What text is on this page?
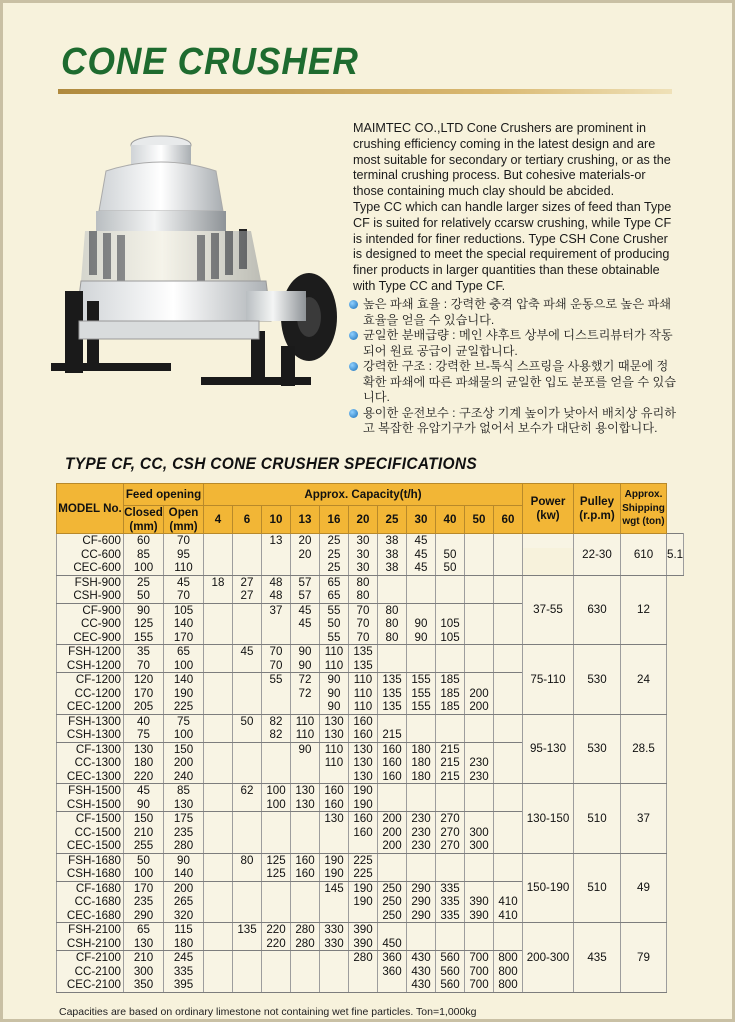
CONE CRUSHER

MAIMTEC CO.,LTD Cone Crushers are prominent in crushing efficiency coming in the latest design and are most suitable for secondary or tertiary crushing, or as the terminal crushing process. But cohesive materials-or those containing much clay should be abcided.

Type CC which can handle larger sizes of feed than Type CF is suited for relatively ccarsw crushing, while Type CF is intended for finer reductions. Type CSH Cone Crusher is designed to meet the special requirement of producing finer products in larger quantities than these obtainable with Type CC and Type CF.

높은 파쇄 효율 : 강력한 충격 압축 파쇄 운동으로 높은 파쇄 효율을 얻을 수 있습니다.
균일한 분배급량 : 메인 샤후트 상부에 디스트리뷰터가 작동되어 원료 공급이 균일합니다.
강력한 구조 : 강력한 브-툭식 스프링을 사용했기 때문에 정확한 파쇄에 따른 파쇄물의 균일한 입도 분포를 얻을 수 있습니다.
용이한 운전보수 : 구조상 기계 높이가 낮아서 배치상 유리하고 복잡한 유압기구가 없어서 보수가 대단히 용이합니다.
TYPE CF, CC, CSH CONE CRUSHER SPECIFICATIONS
MODEL No.	Feed opening		Approx. Capacity(t/h)											Power (kw)	Pulley (r.p.m)	Approx. Shipping wgt (ton)	
	Closed (mm)	Open (mm)	4	6	10	13	16	20	25	30	40	50	60				
CF-600	60	70			13	20	25	30	38	45					22-30	610	5.1
CC-600	85	95				20	25	30	38	45	50						
CEC-600	100	110					25	30	38	45	50						
FSH-900	25	45	18	27	48	57	65	80						37-55	630	12	
CSH-900	50	70		27	48	57	65	80									
CF-900	90	105			37	45	55	70	80								
CC-900	125	140				45	50	70	80	90	105						
CEC-900	155	170					55	70	80	90	105						
FSH-1200	35	65		45	70	90	110	135						75-110	530	24	
CSH-1200	70	100			70	90	110	135									
CF-1200	120	140			55	72	90	110	135	155	185						
CC-1200	170	190				72	90	110	135	155	185	200					
CEC-1200	205	225					90	110	135	155	185	200					
FSH-1300	40	75		50	82	110	130	160						95-130	530	28.5	
CSH-1300	75	100			82	110	130	160	215								
CF-1300	130	150				90	110	130	160	180	215						
CC-1300	180	200					110	130	160	180	215	230					
CEC-1300	220	240						130	160	180	215	230					
FSH-1500	45	85		62	100	130	160	190						130-150	510	37	
CSH-1500	90	130			100	130	160	190									
CF-1500	150	175					130	160	200	230	270						
CC-1500	210	235						160	200	230	270	300					
CEC-1500	255	280							200	230	270	300					
FSH-1680	50	90		80	125	160	190	225						150-190	510	49	
CSH-1680	100	140			125	160	190	225									
CF-1680	170	200					145	190	250	290	335						
CC-1680	235	265						190	250	290	335	390	410				
CEC-1680	290	320							250	290	335	390	410				
FSH-2100	65	115		135	220	280	330	390						200-300	435	79	
CSH-2100	130	180			220	280	330	390	450								
CF-2100	210	245						280	360	430	560	700	800				
CC-2100	300	335							360	430	560	700	800				
CEC-2100	350	395								430	560	700	800				
Capacities are based on ordinary limestone not containing wet fine particles. Ton=1,000kg
